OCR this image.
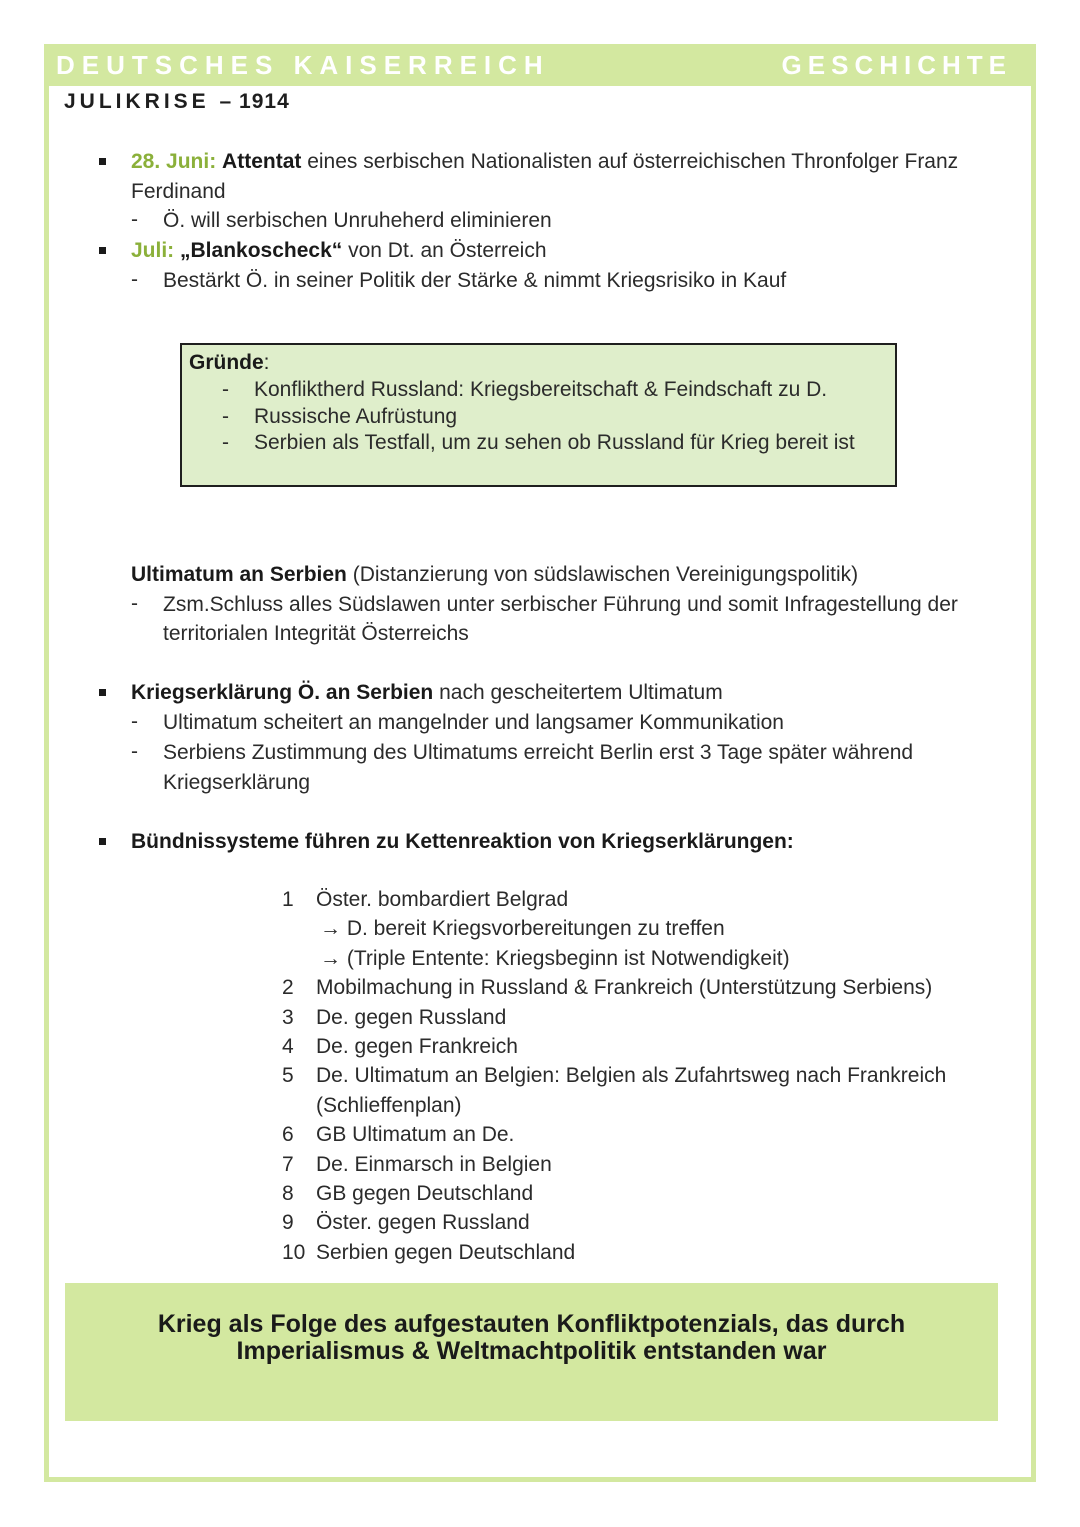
DEUTSCHES KAISERREICH	GESCHICHTE
JULIKRISE – 1914
28. Juni: Attentat eines serbischen Nationalisten auf österreichischen Thronfolger Franz
Ferdinand
- Ö. will serbischen Unruheherd eliminieren
Juli: „Blankoscheck“ von Dt. an Österreich
- Bestärkt Ö. in seiner Politik der Stärke & nimmt Kriegsrisiko in Kauf
Gründe:
- Konfliktherd Russland: Kriegsbereitschaft & Feindschaft zu D.
- Russische Aufrüstung
- Serbien als Testfall, um zu sehen ob Russland für Krieg bereit ist
Ultimatum an Serbien (Distanzierung von südslawischen Vereinigungspolitik)
- Zsm.Schluss alles Südslawen unter serbischer Führung und somit Infragestellung der
territorialen Integrität Österreichs
Kriegserklärung Ö. an Serbien nach gescheitertem Ultimatum
- Ultimatum scheitert an mangelnder und langsamer Kommunikation
- Serbiens Zustimmung des Ultimatums erreicht Berlin erst 3 Tage später während
Kriegserklärung
Bündnissysteme führen zu Kettenreaktion von Kriegserklärungen:
1	Öster. bombardiert Belgrad
→ D. bereit Kriegsvorbereitungen zu treffen
→ (Triple Entente: Kriegsbeginn ist Notwendigkeit)
2	Mobilmachung in Russland & Frankreich (Unterstützung Serbiens)
3	De. gegen Russland
4	De. gegen Frankreich
5	De. Ultimatum an Belgien: Belgien als Zufahrtsweg nach Frankreich
(Schlieffenplan)
6	GB Ultimatum an De.
7	De. Einmarsch in Belgien
8	GB gegen Deutschland
9	Öster. gegen Russland
10 Serbien gegen Deutschland
Krieg als Folge des aufgestauten Konfliktpotenzials, das durch
Imperialismus & Weltmachtpolitik entstanden war
